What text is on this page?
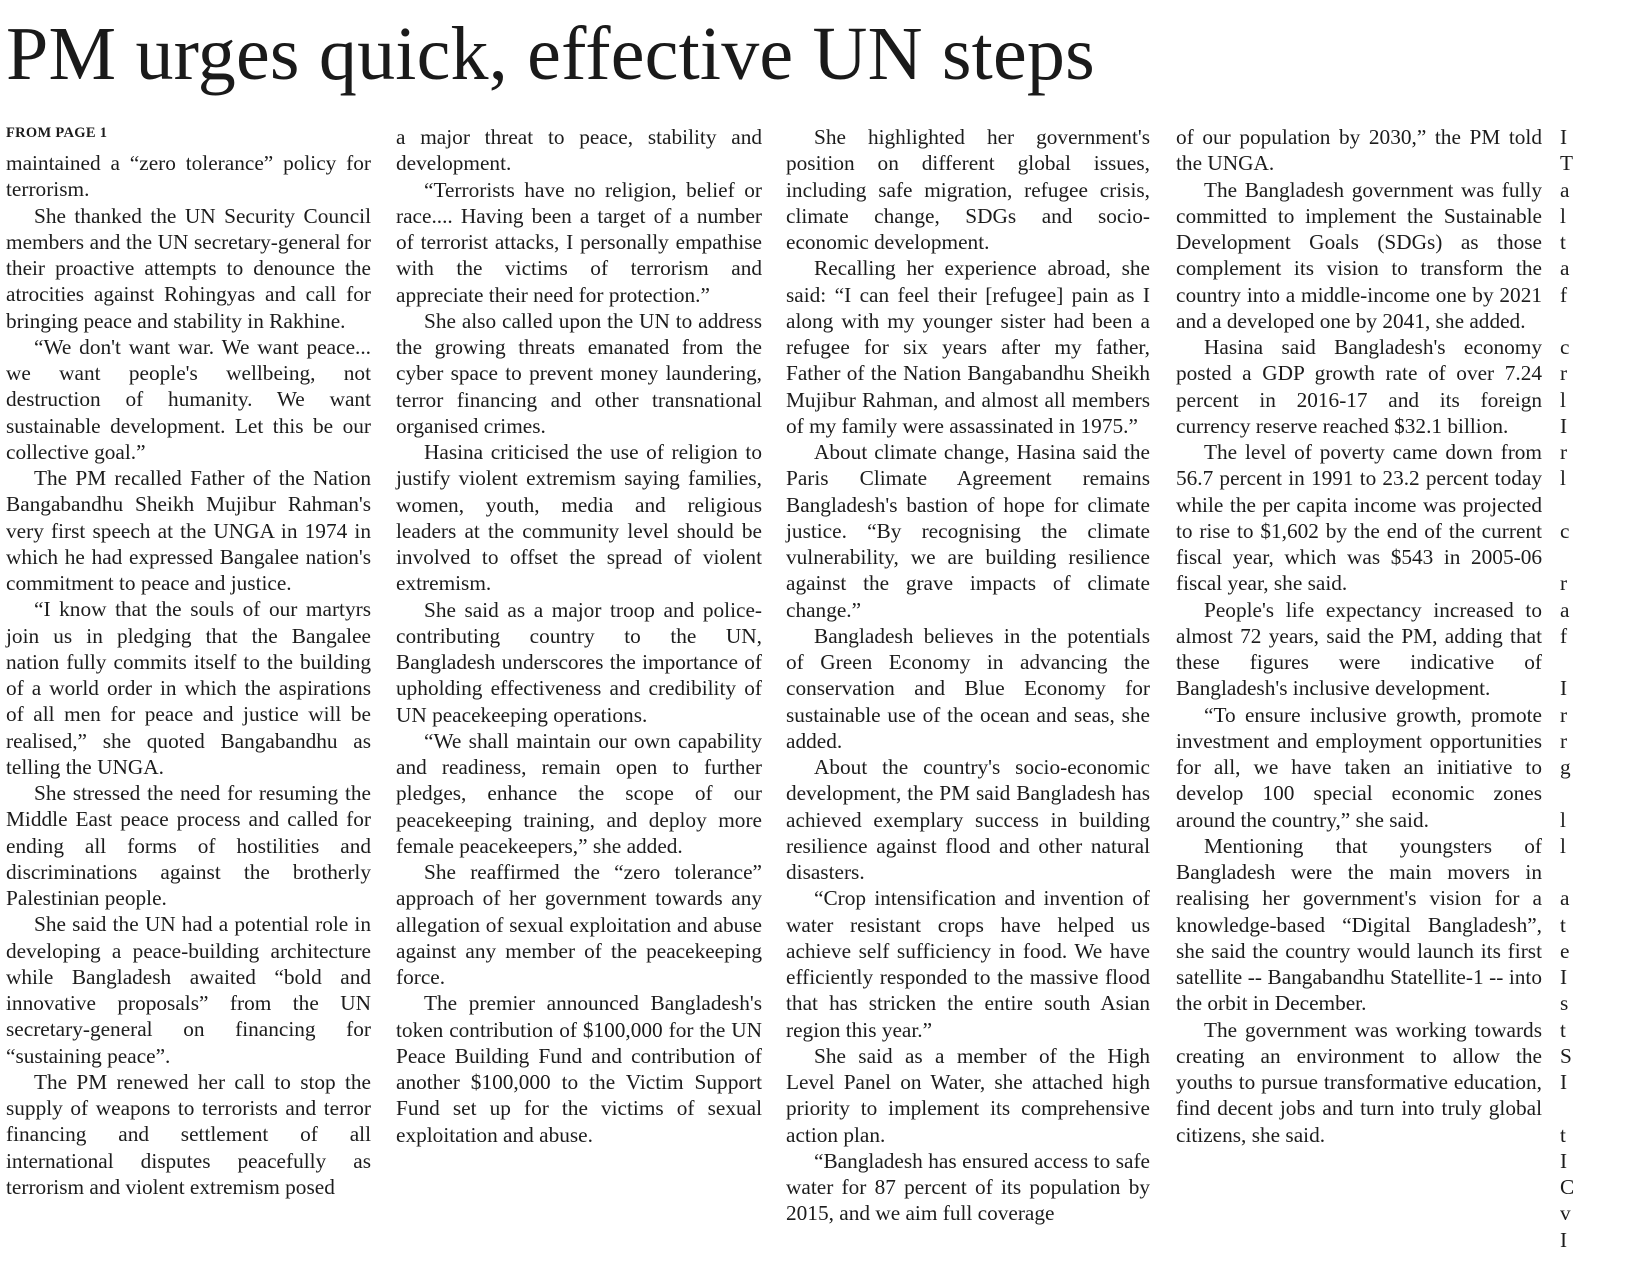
PM urges quick, effective UN steps
FROM PAGE 1

maintained a “zero tolerance” policy for terrorism.

She thanked the UN Security Council members and the UN secretary-general for their proactive attempts to denounce the atrocities against Rohingyas and call for bringing peace and stability in Rakhine.

“We don't want war. We want peace... we want people's wellbeing, not destruction of humanity. We want sustainable development. Let this be our collective goal.”

The PM recalled Father of the Nation Bangabandhu Sheikh Mujibur Rahman's very first speech at the UNGA in 1974 in which he had expressed Bangalee nation's commitment to peace and justice.

“I know that the souls of our martyrs join us in pledging that the Bangalee nation fully commits itself to the building of a world order in which the aspirations of all men for peace and justice will be realised,” she quoted Bangabandhu as telling the UNGA.

She stressed the need for resuming the Middle East peace process and called for ending all forms of hostilities and discriminations against the brotherly Palestinian people.

She said the UN had a potential role in developing a peace-building architecture while Bangladesh awaited “bold and innovative proposals” from the UN secretary-general on financing for “sustaining peace”.

The PM renewed her call to stop the supply of weapons to terrorists and terror financing and settlement of all international disputes peacefully as terrorism and violent extremism posed

a major threat to peace, stability and development.

“Terrorists have no religion, belief or race.... Having been a target of a number of terrorist attacks, I personally empathise with the victims of terrorism and appreciate their need for protection.”

She also called upon the UN to address the growing threats emanated from the cyber space to prevent money laundering, terror financing and other transnational organised crimes.

Hasina criticised the use of religion to justify violent extremism saying families, women, youth, media and religious leaders at the community level should be involved to offset the spread of violent extremism.

She said as a major troop and police-contributing country to the UN, Bangladesh underscores the importance of upholding effectiveness and credibility of UN peacekeeping operations.

“We shall maintain our own capability and readiness, remain open to further pledges, enhance the scope of our peacekeeping training, and deploy more female peacekeepers,” she added.

She reaffirmed the “zero tolerance” approach of her government towards any allegation of sexual exploitation and abuse against any member of the peacekeeping force.

The premier announced Bangladesh's token contribution of $100,000 for the UN Peace Building Fund and contribution of another $100,000 to the Victim Support Fund set up for the victims of sexual exploitation and abuse.

She highlighted her government's position on different global issues, including safe migration, refugee crisis, climate change, SDGs and socio-economic development.

Recalling her experience abroad, she said: “I can feel their [refugee] pain as I along with my younger sister had been a refugee for six years after my father, Father of the Nation Bangabandhu Sheikh Mujibur Rahman, and almost all members of my family were assassinated in 1975.”

About climate change, Hasina said the Paris Climate Agreement remains Bangladesh's bastion of hope for climate justice. “By recognising the climate vulnerability, we are building resilience against the grave impacts of climate change.”

Bangladesh believes in the potentials of Green Economy in advancing the conservation and Blue Economy for sustainable use of the ocean and seas, she added.

About the country's socio-economic development, the PM said Bangladesh has achieved exemplary success in building resilience against flood and other natural disasters.

“Crop intensification and invention of water resistant crops have helped us achieve self sufficiency in food. We have efficiently responded to the massive flood that has stricken the entire south Asian region this year.”

She said as a member of the High Level Panel on Water, she attached high priority to implement its comprehensive action plan.

“Bangladesh has ensured access to safe water for 87 percent of its population by 2015, and we aim full coverage

of our population by 2030,” the PM told the UNGA.

The Bangladesh government was fully committed to implement the Sustainable Development Goals (SDGs) as those complement its vision to transform the country into a middle-income one by 2021 and a developed one by 2041, she added.

Hasina said Bangladesh's economy posted a GDP growth rate of over 7.24 percent in 2016-17 and its foreign currency reserve reached $32.1 billion.

The level of poverty came down from 56.7 percent in 1991 to 23.2 percent today while the per capita income was projected to rise to $1,602 by the end of the current fiscal year, which was $543 in 2005-06 fiscal year, she said.

People's life expectancy increased to almost 72 years, said the PM, adding that these figures were indicative of Bangladesh's inclusive development.

“To ensure inclusive growth, promote investment and employment opportunities for all, we have taken an initiative to develop 100 special economic zones around the country,” she said.

Mentioning that youngsters of Bangladesh were the main movers in realising her government's vision for a knowledge-based “Digital Bangladesh”, she said the country would launch its first satellite -- Bangabandhu Statellite-1 -- into the orbit in December.

The government was working towards creating an environment to allow the youths to pursue transformative education, find decent jobs and turn into truly global citizens, she said.

I
T
a
l
t
a
f
c
r
l
I
r
l
c
r
a
f
I
r
r
g
l
l
a
t
e
I
s
t
S
I
t
I
C
v
I
